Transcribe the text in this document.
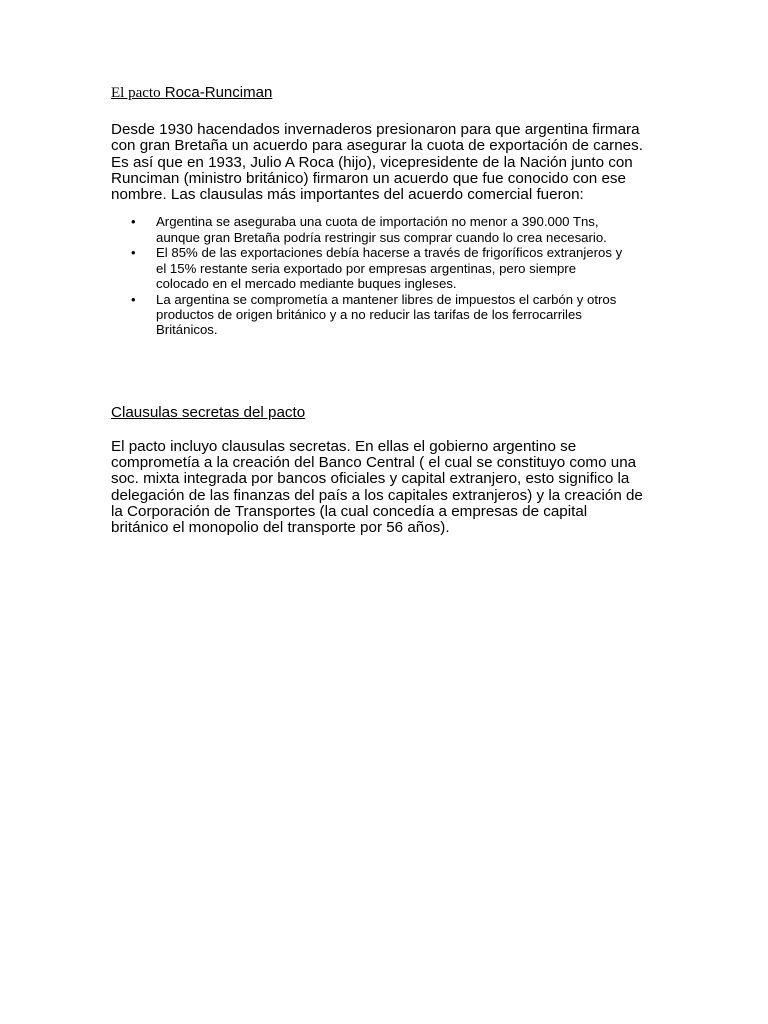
El pacto Roca-Runciman

Desde 1930 hacendados invernaderos presionaron para que argentina firmara
con gran Bretaña un acuerdo para asegurar la cuota de exportación de carnes.
Es así que en 1933, Julio A Roca (hijo), vicepresidente de la Nación junto con
Runciman (ministro británico) firmaron un acuerdo que fue conocido con ese
nombre. Las clausulas más importantes del acuerdo comercial fueron:

• Argentina se aseguraba una cuota de importación no menor a 390.000 Tns,
aunque gran Bretaña podría restringir sus comprar cuando lo crea necesario.
• El 85% de las exportaciones debía hacerse a través de frigoríficos extranjeros y
el 15% restante seria exportado por empresas argentinas, pero siempre
colocado en el mercado mediante buques ingleses.
• La argentina se comprometía a mantener libres de impuestos el carbón y otros
productos de origen británico y a no reducir las tarifas de los ferrocarriles
Británicos.
Clausulas secretas del pacto

El pacto incluyo clausulas secretas. En ellas el gobierno argentino se
comprometía a la creación del Banco Central ( el cual se constituyo como una
soc. mixta integrada por bancos oficiales y capital extranjero, esto significo la
delegación de las finanzas del país a los capitales extranjeros) y la creación de
la Corporación de Transportes (la cual concedía a empresas de capital
británico el monopolio del transporte por 56 años).
